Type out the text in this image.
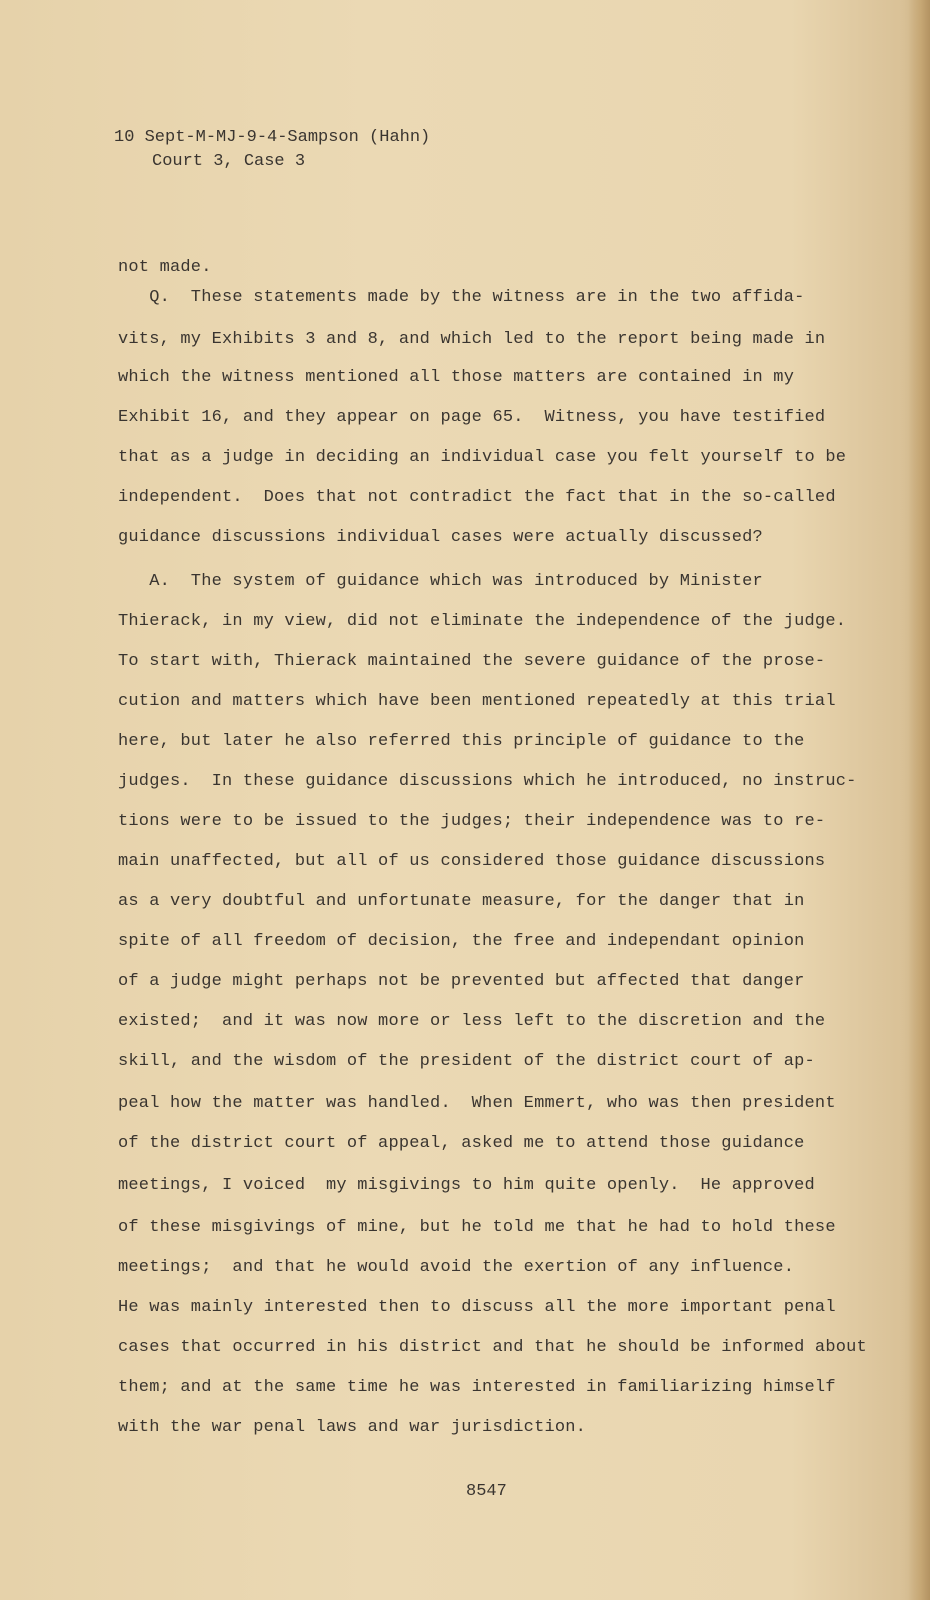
10 Sept-M-MJ-9-4-Sampson (Hahn)
Court 3, Case 3
not made.
Q.  These statements made by the witness are in the two affida-
vits, my Exhibits 3 and 8, and which led to the report being made in
which the witness mentioned all those matters are contained in my
Exhibit 16, and they appear on page 65.  Witness, you have testified
that as a judge in deciding an individual case you felt yourself to be
independent.  Does that not contradict the fact that in the so-called
guidance discussions individual cases were actually discussed?
A.  The system of guidance which was introduced by Minister
Thierack, in my view, did not eliminate the independence of the judge.
To start with, Thierack maintained the severe guidance of the prose-
cution and matters which have been mentioned repeatedly at this trial
here, but later he also referred this principle of guidance to the
judges.  In these guidance discussions which he introduced, no instruc-
tions were to be issued to the judges; their independence was to re-
main unaffected, but all of us considered those guidance discussions
as a very doubtful and unfortunate measure, for the danger that in
spite of all freedom of decision, the free and independant opinion
of a judge might perhaps not be prevented but affected that danger
existed;  and it was now more or less left to the discretion and the
skill, and the wisdom of the president of the district court of ap-
peal how the matter was handled.  When Emmert, who was then president
of the district court of appeal, asked me to attend those guidance
meetings, I voiced  my misgivings to him quite openly.  He approved
of these misgivings of mine, but he told me that he had to hold these
meetings;  and that he would avoid the exertion of any influence.
He was mainly interested then to discuss all the more important penal
cases that occurred in his district and that he should be informed about
them; and at the same time he was interested in familiarizing himself
with the war penal laws and war jurisdiction.
8547
